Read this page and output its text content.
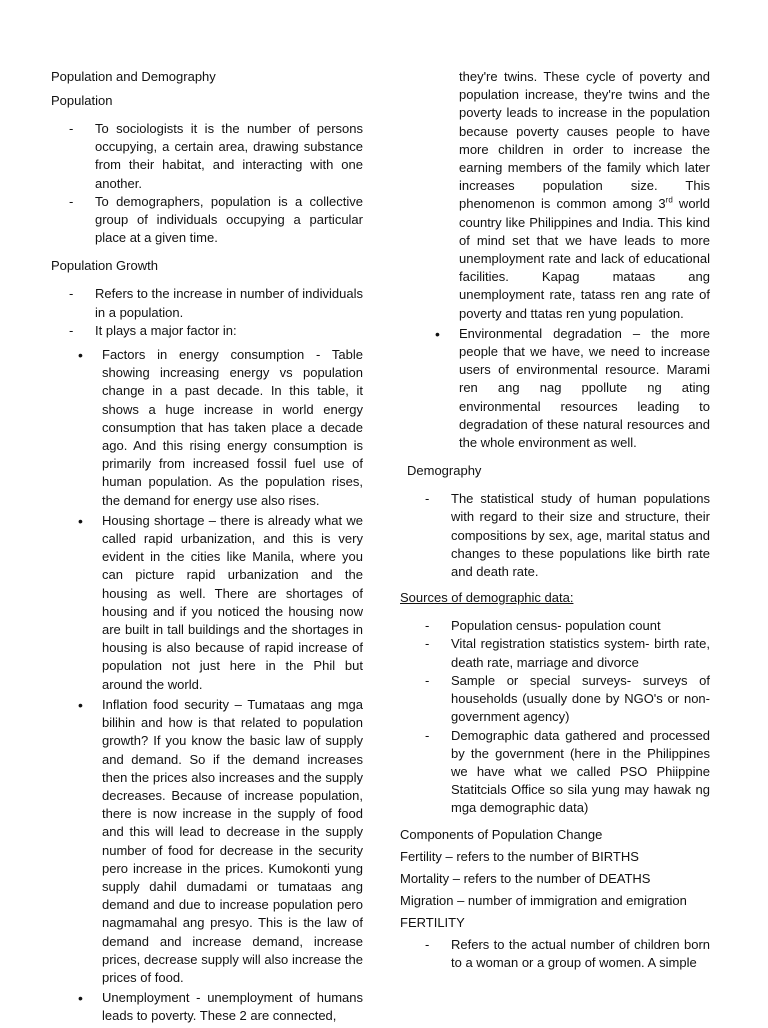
Population and Demography
Population
- To sociologists it is the number of persons occupying, a certain area, drawing substance from their habitat, and interacting with one another.
- To demographers, population is a collective group of individuals occupying a particular place at a given time.
Population Growth
- Refers to the increase in number of individuals in a population.
- It plays a major factor in:
• Factors in energy consumption - Table showing increasing energy vs population change in a past decade. In this table, it shows a huge increase in world energy consumption that has taken place a decade ago. And this rising energy consumption is primarily from increased fossil fuel use of human population. As the population rises, the demand for energy use also rises.
• Housing shortage – there is already what we called rapid urbanization, and this is very evident in the cities like Manila, where you can picture rapid urbanization and the housing as well. There are shortages of housing and if you noticed the housing now are built in tall buildings and the shortages in housing is also because of rapid increase of population not just here in the Phil but around the world.
• Inflation food security – Tumataas ang mga bilihin and how is that related to population growth? If you know the basic law of supply and demand. So if the demand increases then the prices also increases and the supply decreases. Because of increase population, there is now increase in the supply of food and this will lead to decrease in the supply number of food for decrease in the security pero increase in the prices. Kumokonti yung supply dahil dumadami or tumataas ang demand and due to increase population pero nagmamahal ang presyo. This is the law of demand and increase demand, increase prices, decrease supply will also increase the prices of food.
• Unemployment - unemployment of humans leads to poverty. These 2 are connected,
they're twins. These cycle of poverty and population increase, they're twins and the poverty leads to increase in the population because poverty causes people to have more children in order to increase the earning members of the family which later increases population size. This phenomenon is common among 3rd world country like Philippines and India. This kind of mind set that we have leads to more unemployment rate and lack of educational facilities. Kapag mataas ang unemployment rate, tatass ren ang rate of poverty and ttatas ren yung population.
• Environmental degradation – the more people that we have, we need to increase users of environmental resource. Marami ren ang nag ppollute ng ating environmental resources leading to degradation of these natural resources and the whole environment as well.
Demography
- The statistical study of human populations with regard to their size and structure, their compositions by sex, age, marital status and changes to these populations like birth rate and death rate.
Sources of demographic data:
- Population census- population count
- Vital registration statistics system- birth rate, death rate, marriage and divorce
- Sample or special surveys- surveys of households (usually done by NGO's or non-government agency)
- Demographic data gathered and processed by the government (here in the Philippines we have what we called PSO Phiippine Statitcials Office so sila yung may hawak ng mga demographic data)
Components of Population Change

Fertility – refers to the number of BIRTHS

Mortality – refers to the number of DEATHS

Migration – number of immigration and emigration

FERTILITY
- Refers to the actual number of children born to a woman or a group of women. A simple
